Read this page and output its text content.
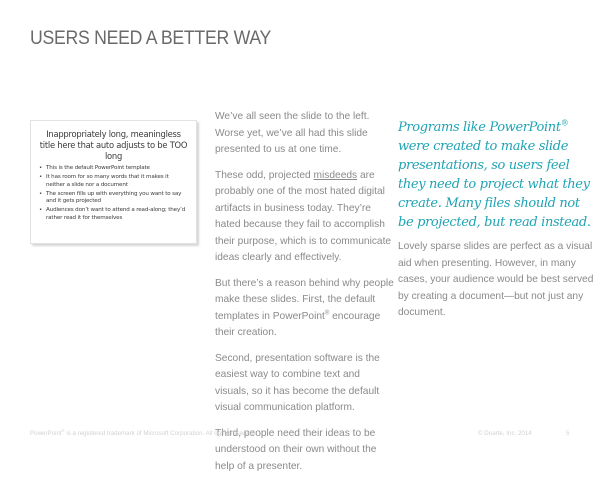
USERS NEED A BETTER WAY
Inappropriately long, meaningless title here that auto adjusts to be TOO long
• This is the default PowerPoint template
• It has room for so many words that it makes it neither a slide nor a document
• The screen fills up with everything you want to say and it gets projected
• Audiences don’t want to attend a read-along; they’d rather read it for themselves

We’ve all seen the slide to the left. Worse yet, we’ve all had this slide presented to us at one time.

These odd, projected misdeeds are probably one of the most hated digital artifacts in business today. They’re hated because they fail to accomplish their purpose, which is to communicate ideas clearly and effectively.

But there’s a reason behind why people make these slides. First, the default templates in PowerPoint® encourage their creation.

Second, presentation software is the easiest way to combine text and visuals, so it has become the default visual communication platform.

Third, people need their ideas to be understood on their own without the help of a presenter.

Programs like PowerPoint® were created to make slide presentations, so users feel they need to project what they create. Many files should not be projected, but read instead.

Lovely sparse slides are perfect as a visual aid when presenting. However, in many cases, your audience would be best served by creating a document—but not just any document.

PowerPoint® is a registered trademark of Microsoft Corporation. All rights reserved.	© Duarte, Inc. 2014	5
